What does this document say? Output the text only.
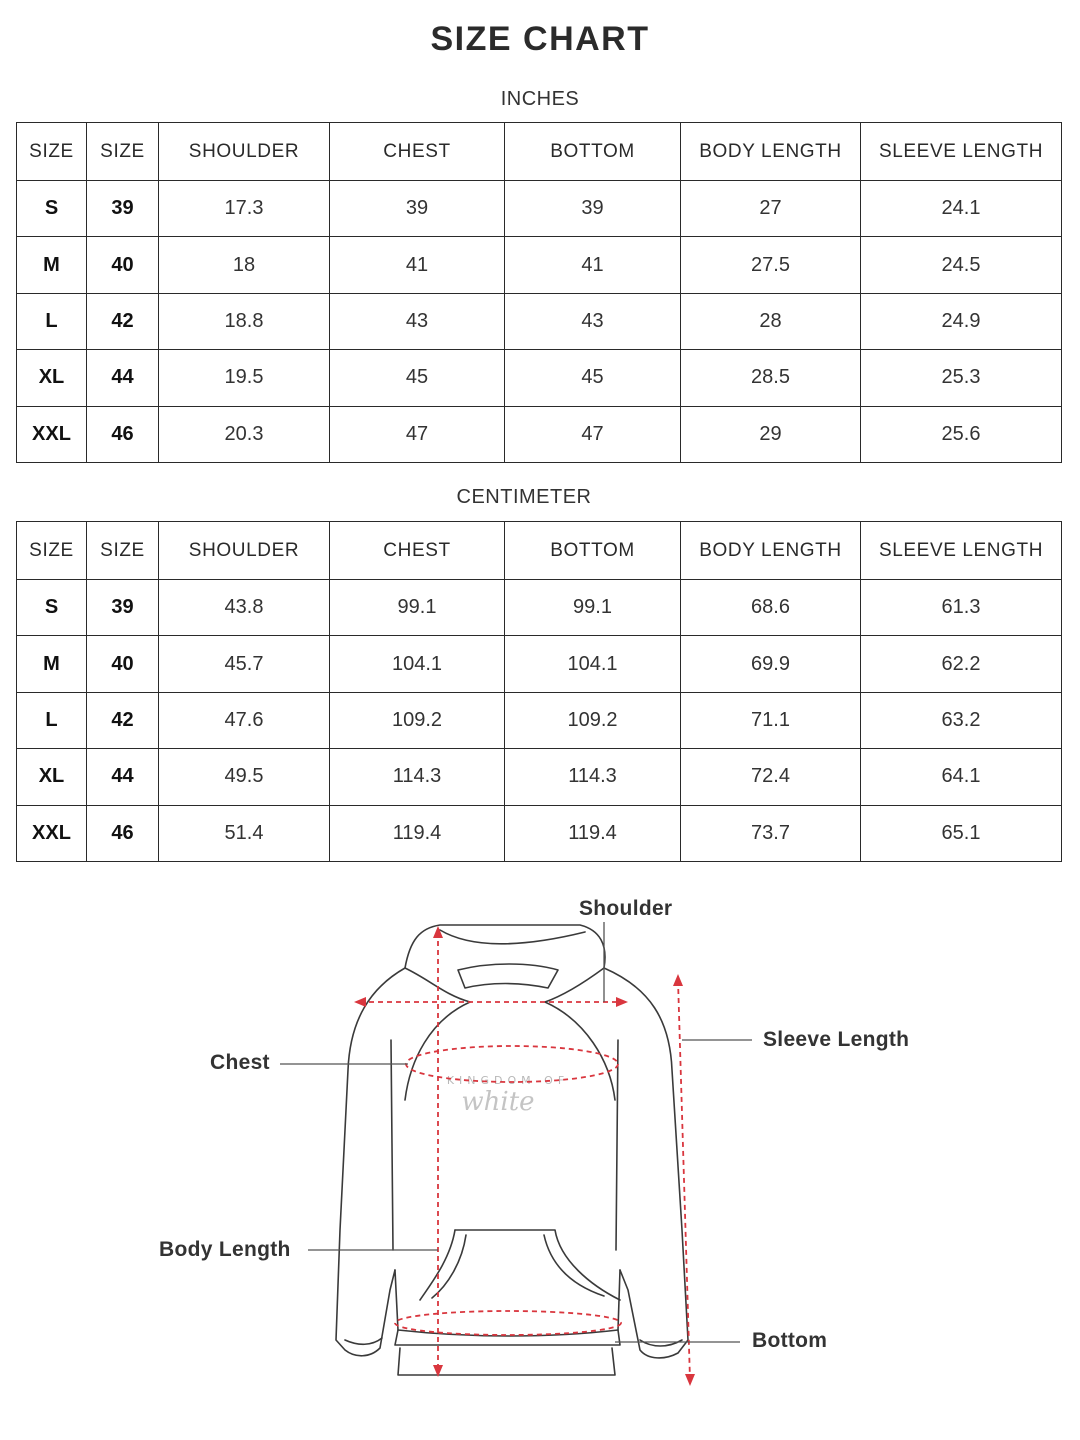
SIZE CHART
INCHES
SIZE	SIZE	SHOULDER	CHEST	BOTTOM	BODY LENGTH	SLEEVE LENGTH
S	39	17.3	39	39	27	24.1
M	40	18	41	41	27.5	24.5
L	42	18.8	43	43	28	24.9
XL	44	19.5	45	45	28.5	25.3
XXL	46	20.3	47	47	29	25.6
CENTIMETER
SIZE	SIZE	SHOULDER	CHEST	BOTTOM	BODY LENGTH	SLEEVE LENGTH
S	39	43.8	99.1	99.1	68.6	61.3
M	40	45.7	104.1	104.1	69.9	62.2
L	42	47.6	109.2	109.2	71.1	63.2
XL	44	49.5	114.3	114.3	72.4	64.1
XXL	46	51.4	119.4	119.4	73.7	65.1
KINGDOM OF
white
Shoulder
Chest
Sleeve Length
Body Length
Bottom
